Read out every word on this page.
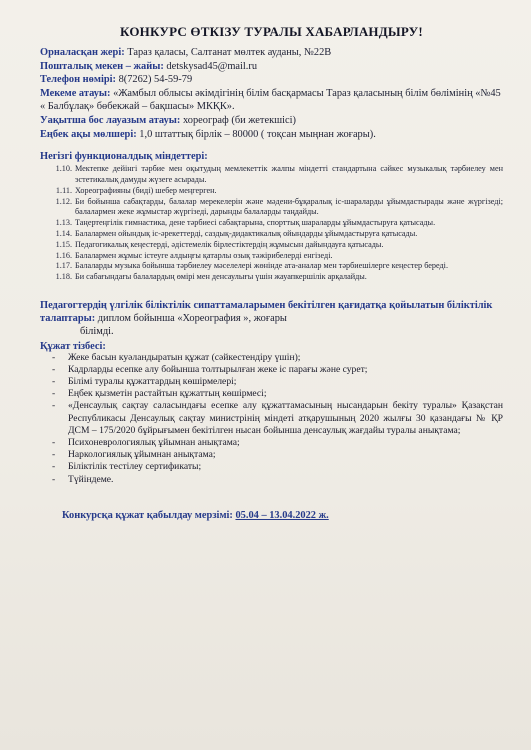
КОНКУРС ӨТКІЗУ ТУРАЛЫ ХАБАРЛАНДЫРУ!

Орналасқан жері: Тараз қаласы, Салтанат мөлтек ауданы, №22В

Пошталық мекен – жайы: detskysad45@mail.ru

Телефон нөмірі: 8(7262) 54-59-79

Мекеме атауы: «Жамбыл облысы әкімдігінің білім басқармасы Тараз қаласының білім бөлімінің «№45 « Балбұлақ» бөбекжай – бақшасы» МКҚК».

Уақытша бос лауазым атауы: хореограф (би жетекшісі)

Еңбек ақы мөлшері: 1,0 штаттық бірлік – 80000 ( тоқсан мыңнан жоғары).

Негізгі функционалдық міндеттері:
1.10. Мектепке дейінгі тәрбие мен оқытудың мемлекеттік жалпы міндетті стандартына сәйкес музыкалық тәрбиелеу мен эстетикалық дамуды жүзеге асырады.
1.11. Хореографияны (биді) шебер меңгерген.
1.12. Би бойынша сабақтарды, балалар мерекелерін және мәдени-бұқаралық іс-шараларды ұйымдастырады және жүргізеді; балалармен жеке жұмыстар жүргізеді, дарынды балаларды таңдайды.
1.13. Таңертеңгілік гимнастика, дене тәрбиесі сабақтарына, спорттық шараларды ұйымдастыруға қатысады.
1.14. Балалармен ойындық іс-әрекеттерді, саздық-дидактикалық ойындарды ұйымдастыруға қатысады.
1.15. Педагогикалық кеңестерді, әдістемелік бірлестіктердің жұмысын дайындауға қатысады.
1.16. Балалармен жұмыс істеуге алдыңғы қатарлы озық тәжірибелерді енгізеді.
1.17. Балаларды музыка бойынша тәрбиелеу мәселелері жөнінде ата-аналар мен тәрбиешілерге кеңестер береді.
1.18. Би сабағындағы балалардың өмірі мен денсаулығы үшін жауапкершілік арқалайды.

Педагогтердің үлгілік біліктілік сипаттамаларымен бекітілген қағидатқа қойылатын біліктілік талаптары: диплом бойынша «Хореография », жоғары

білімді.

Құжат тізбесі:
-	Жеке басын куәландыратын құжат (сәйкестендіру үшін);
-	Кадрларды есепке алу бойынша толтырылған жеке іс парағы және сурет;
-	Білімі туралы құжаттардың көшірмелері;
-	Еңбек қызметін растайтын құжаттың көшірмесі;
-	«Денсаулық сақтау саласындағы есепке алу құжаттамасының нысандарын бекіту туралы» Қазақстан Республикасы Денсаулық сақтау министрінің міндеті атқарушының 2020 жылғы 30 қазандағы № ҚР ДСМ – 175/2020 бұйрығымен бекітілген нысан бойынша денсаулық жағдайы туралы анықтама;
-	Психоневрологиялық ұйымнан анықтама;
-	Наркологиялық ұйымнан анықтама;
-	Біліктілік тестілеу сертификаты;
-	Түйіндеме.

Конкурсқа құжат қабылдау мерзімі: 05.04 – 13.04.2022 ж.
